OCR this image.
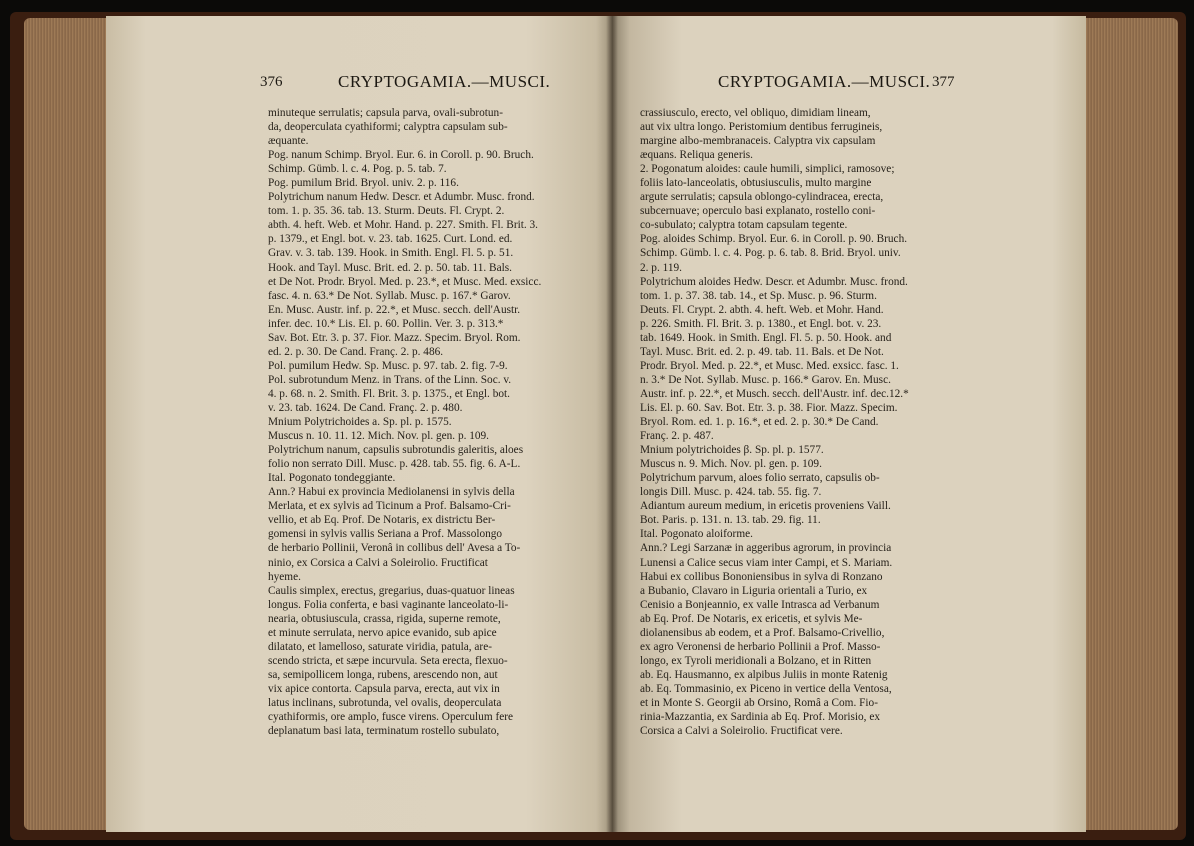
376	CRYPTOGAMIA.—MUSCI.

minuteque serrulatis; capsula parva, ovali-subrotun-

da, deoperculata cyathiformi; calyptra capsulam sub-

æquante.

Pog. nanum Schimp. Bryol. Eur. 6. in Coroll. p. 90. Bruch.

Schimp. Gümb. l. c. 4. Pog. p. 5. tab. 7.

Pog. pumilum Brid. Bryol. univ. 2. p. 116.

Polytrichum nanum Hedw. Descr. et Adumbr. Musc. frond.

tom. 1. p. 35. 36. tab. 13. Sturm. Deuts. Fl. Crypt. 2.

abth. 4. heft. Web. et Mohr. Hand. p. 227. Smith. Fl. Brit. 3.

p. 1379., et Engl. bot. v. 23. tab. 1625. Curt. Lond. ed.

Grav. v. 3. tab. 139. Hook. in Smith. Engl. Fl. 5. p. 51.

Hook. and Tayl. Musc. Brit. ed. 2. p. 50. tab. 11. Bals.

et De Not. Prodr. Bryol. Med. p. 23.*, et Musc. Med. exsicc.

fasc. 4. n. 63.* De Not. Syllab. Musc. p. 167.* Garov.

En. Musc. Austr. inf. p. 22.*, et Musc. secch. dell'Austr.

infer. dec. 10.* Lis. El. p. 60. Pollin. Ver. 3. p. 313.*

Sav. Bot. Etr. 3. p. 37. Fior. Mazz. Specim. Bryol. Rom.

ed. 2. p. 30. De Cand. Franç. 2. p. 486.

Pol. pumilum Hedw. Sp. Musc. p. 97. tab. 2. fig. 7-9.

Pol. subrotundum Menz. in Trans. of the Linn. Soc. v.

4. p. 68. n. 2. Smith. Fl. Brit. 3. p. 1375., et Engl. bot.

v. 23. tab. 1624. De Cand. Franç. 2. p. 480.

Mnium Polytrichoides a. Sp. pl. p. 1575.

Muscus n. 10. 11. 12. Mich. Nov. pl. gen. p. 109.

Polytrichum nanum, capsulis subrotundis galeritis, aloes

folio non serrato Dill. Musc. p. 428. tab. 55. fig. 6. A-L.

Ital. Pogonato tondeggiante.

Ann.? Habui ex provincia Mediolanensi in sylvis della

Merlata, et ex sylvis ad Ticinum a Prof. Balsamo-Cri-

vellio, et ab Eq. Prof. De Notaris, ex districtu Ber-

gomensi in sylvis vallis Seriana a Prof. Massolongo

de herbario Pollinii, Veronâ in collibus dell' Avesa a To-

ninio, ex Corsica a Calvi a Soleirolio. Fructificat

hyeme.

Caulis simplex, erectus, gregarius, duas-quatuor lineas

longus. Folia conferta, e basi vaginante lanceolato-li-

nearia, obtusiuscula, crassa, rigida, superne remote,

et minute serrulata, nervo apice evanido, sub apice

dilatato, et lamelloso, saturate viridia, patula, are-

scendo stricta, et sæpe incurvula. Seta erecta, flexuo-

sa, semipollicem longa, rubens, arescendo non, aut

vix apice contorta. Capsula parva, erecta, aut vix in

latus inclinans, subrotunda, vel ovalis, deoperculata

cyathiformis, ore amplo, fusce virens. Operculum fere

deplanatum basi lata, terminatum rostello subulato,

CRYPTOGAMIA.—MUSCI. 377

crassiusculo, erecto, vel obliquo, dimidiam lineam,

aut vix ultra longo. Peristomium dentibus ferrugineis,

margine albo-membranaceis. Calyptra vix capsulam

æquans. Reliqua generis.

2. Pogonatum aloides: caule humili, simplici, ramosove;

foliis lato-lanceolatis, obtusiusculis, multo margine

argute serrulatis; capsula oblongo-cylindracea, erecta,

subcernuave; operculo basi explanato, rostello coni-

co-subulato; calyptra totam capsulam tegente.

Pog. aloides Schimp. Bryol. Eur. 6. in Coroll. p. 90. Bruch.

Schimp. Gümb. l. c. 4. Pog. p. 6. tab. 8. Brid. Bryol. univ.

2. p. 119.

Polytrichum aloides Hedw. Descr. et Adumbr. Musc. frond.

tom. 1. p. 37. 38. tab. 14., et Sp. Musc. p. 96. Sturm.

Deuts. Fl. Crypt. 2. abth. 4. heft. Web. et Mohr. Hand.

p. 226. Smith. Fl. Brit. 3. p. 1380., et Engl. bot. v. 23.

tab. 1649. Hook. in Smith. Engl. Fl. 5. p. 50. Hook. and

Tayl. Musc. Brit. ed. 2. p. 49. tab. 11. Bals. et De Not.

Prodr. Bryol. Med. p. 22.*, et Musc. Med. exsicc. fasc. 1.

n. 3.* De Not. Syllab. Musc. p. 166.* Garov. En. Musc.

Austr. inf. p. 22.*, et Musch. secch. dell'Austr. inf. dec.12.*

Lis. El. p. 60. Sav. Bot. Etr. 3. p. 38. Fior. Mazz. Specim.

Bryol. Rom. ed. 1. p. 16.*, et ed. 2. p. 30.* De Cand.

Franç. 2. p. 487.

Mnium polytrichoides β. Sp. pl. p. 1577.

Muscus n. 9. Mich. Nov. pl. gen. p. 109.

Polytrichum parvum, aloes folio serrato, capsulis ob-

longis Dill. Musc. p. 424. tab. 55. fig. 7.

Adiantum aureum medium, in ericetis proveniens Vaill.

Bot. Paris. p. 131. n. 13. tab. 29. fig. 11.

Ital. Pogonato aloiforme.

Ann.? Legi Sarzanæ in aggeribus agrorum, in provincia

Lunensi a Calice secus viam inter Campi, et S. Mariam.

Habui ex collibus Bononiensibus in sylva di Ronzano

a Bubanio, Clavaro in Liguria orientali a Turio, ex

Cenisio a Bonjeannio, ex valle Intrasca ad Verbanum

ab Eq. Prof. De Notaris, ex ericetis, et sylvis Me-

diolanensibus ab eodem, et a Prof. Balsamo-Crivellio,

ex agro Veronensi de herbario Pollinii a Prof. Masso-

longo, ex Tyroli meridionali a Bolzano, et in Ritten

ab. Eq. Hausmanno, ex alpibus Juliis in monte Ratenig

ab. Eq. Tommasinio, ex Piceno in vertice della Ventosa,

et in Monte S. Georgii ab Orsino, Româ a Com. Fio-

rinia-Mazzantia, ex Sardinia ab Eq. Prof. Morisio, ex

Corsica a Calvi a Soleirolio. Fructificat vere.
